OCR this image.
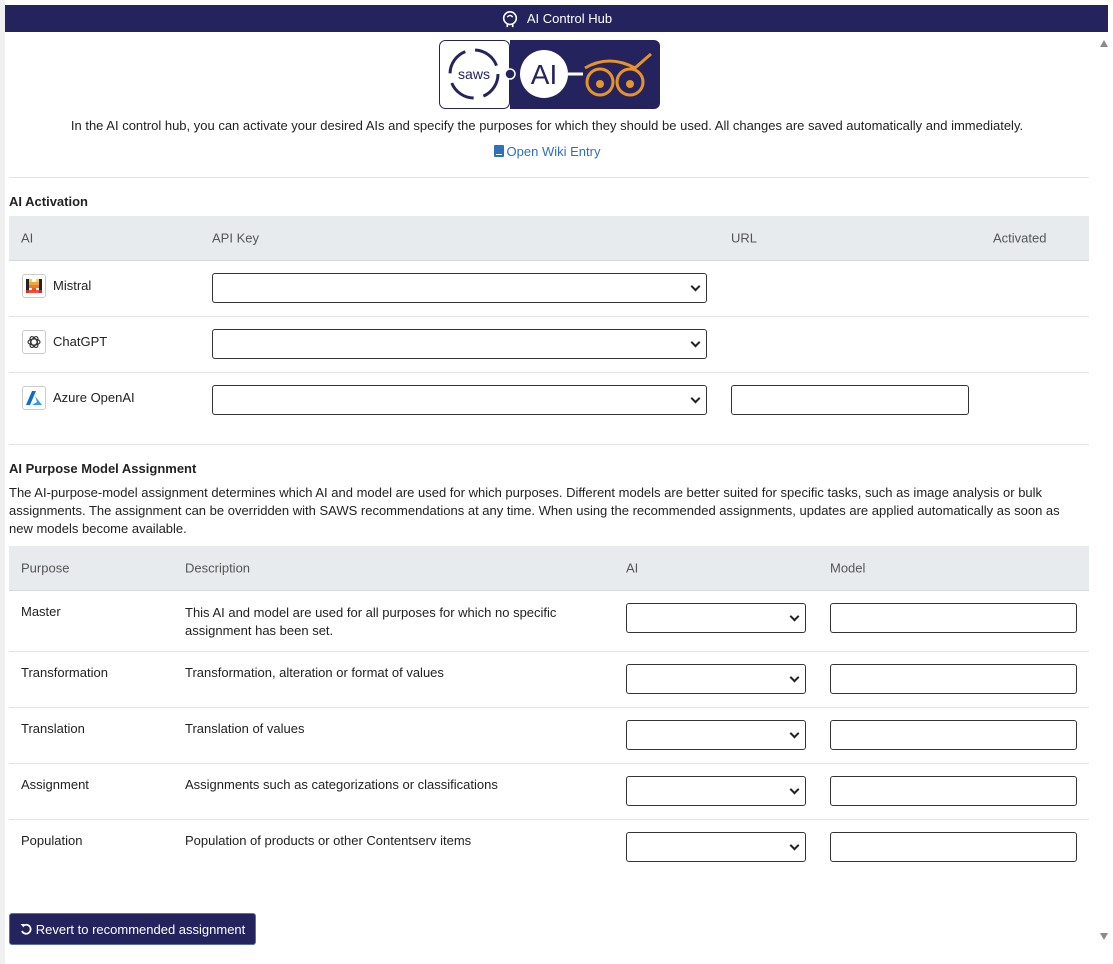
AI Control Hub
saws AI
In the AI control hub, you can activate your desired AIs and specify the purposes for which they should be used. All changes are saved automatically and immediately.
Open Wiki Entry
AI Activation
AI	API Key	URL	Activated
Mistral
ChatGPT
Azure OpenAI
AI Purpose Model Assignment
The AI-purpose-model assignment determines which AI and model are used for which purposes. Different models are better suited for specific tasks, such as image analysis or bulk assignments. The assignment can be overridden with SAWS recommendations at any time. When using the recommended assignments, updates are applied automatically as soon as new models become available.
Purpose	Description	AI	Model
Master	This AI and model are used for all purposes for which no specific assignment has been set.
Transformation	Transformation, alteration or format of values
Translation	Translation of values
Assignment	Assignments such as categorizations or classifications
Population	Population of products or other Contentserv items
Revert to recommended assignment
